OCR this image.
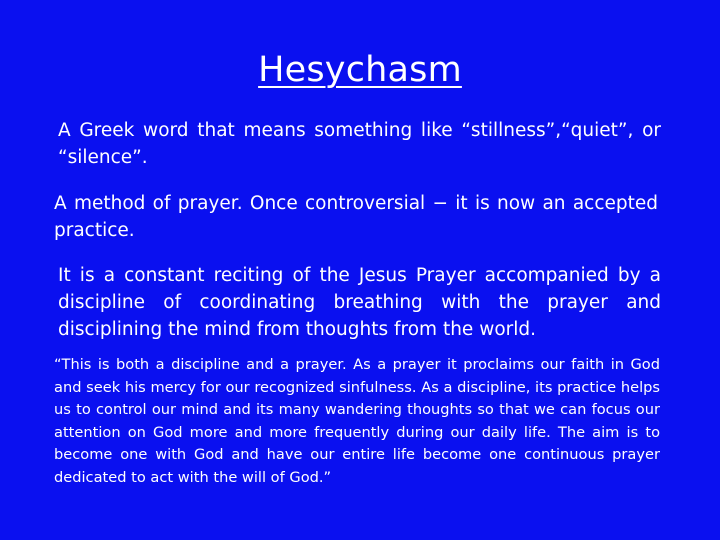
Hesychasm

A Greek word that means something like “stillness”,“quiet”, or “silence”.

A method of prayer. Once controversial − it is now an accepted practice.

It is a constant reciting of the Jesus Prayer accompanied by a discipline of coordinating breathing with the prayer and disciplining the mind from thoughts from the world.

“This is both a discipline and a prayer. As a prayer it proclaims our faith in God and seek his mercy for our recognized sinfulness. As a discipline, its practice helps us to control our mind and its many wandering thoughts so that we can focus our attention on God more and more frequently during our daily life. The aim is to become one with God and have our entire life become one continuous prayer dedicated to act with the will of God.”
